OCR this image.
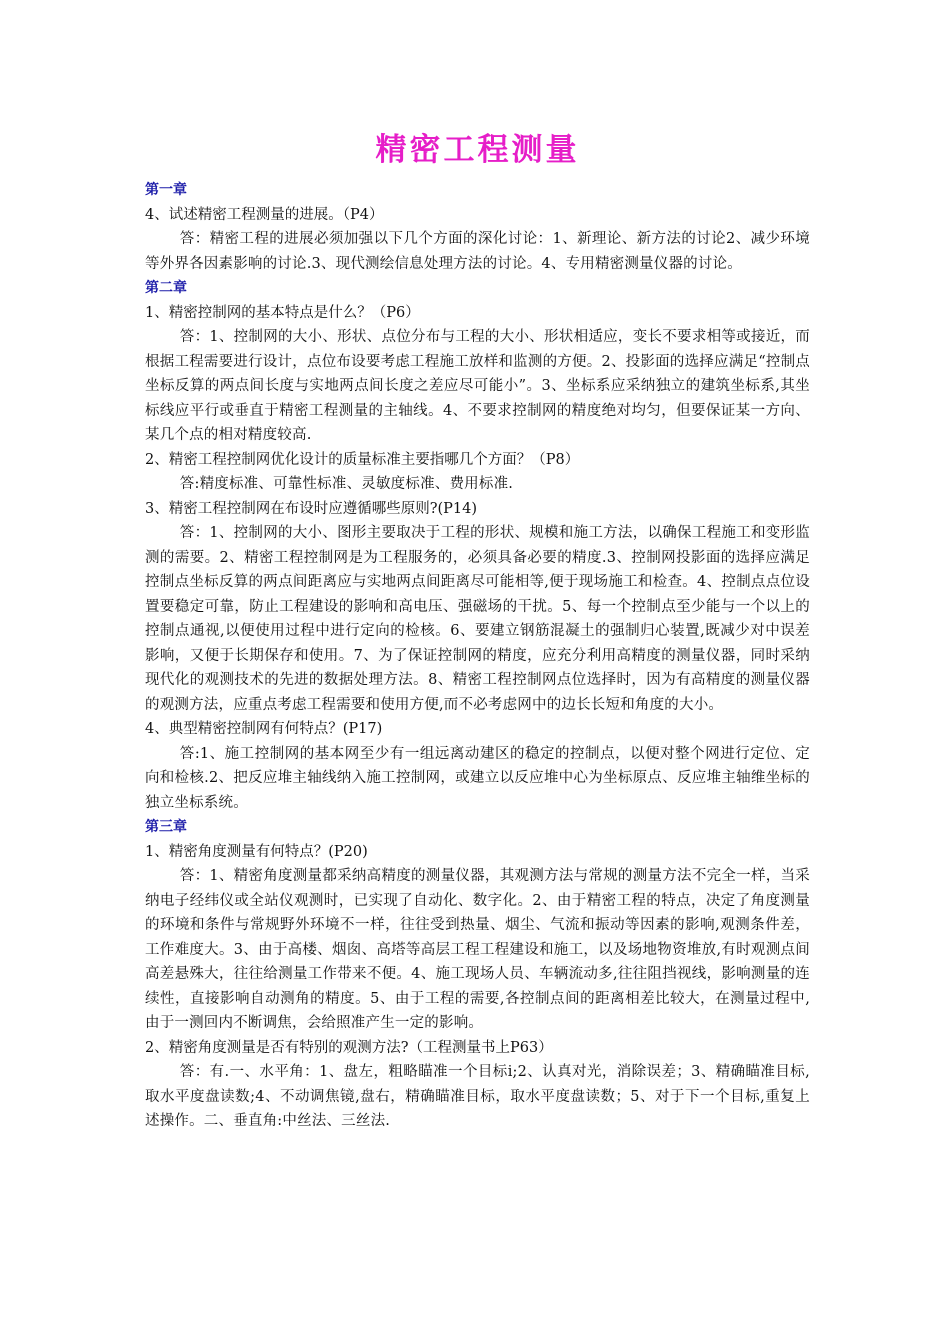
精密工程测量

第一章

4、试述精密工程测量的进展。（P4）

答：精密工程的进展必须加强以下几个方面的深化讨论：1、新理论、新方法的讨论2、减少环境等外界各因素影响的讨论.3、现代测绘信息处理方法的讨论。4、专用精密测量仪器的讨论。

第二章

1、精密控制网的基本特点是什么？（P6）

答：1、控制网的大小、形状、点位分布与工程的大小、形状相适应，变长不要求相等或接近，而根据工程需要进行设计，点位布设要考虑工程施工放样和监测的方便。2、投影面的选择应满足“控制点坐标反算的两点间长度与实地两点间长度之差应尽可能小”。3、坐标系应采纳独立的建筑坐标系,其坐标线应平行或垂直于精密工程测量的主轴线。4、不要求控制网的精度绝对均匀，但要保证某一方向、某几个点的相对精度较高.

2、精密工程控制网优化设计的质量标准主要指哪几个方面？（P8）

答:精度标准、可靠性标准、灵敏度标准、费用标准.

3、精密工程控制网在布设时应遵循哪些原则?(P14)

答：1、控制网的大小、图形主要取决于工程的形状、规模和施工方法，以确保工程施工和变形监测的需要。2、精密工程控制网是为工程服务的，必须具备必要的精度.3、控制网投影面的选择应满足控制点坐标反算的两点间距离应与实地两点间距离尽可能相等,便于现场施工和检查。4、控制点点位设置要稳定可靠，防止工程建设的影响和高电压、强磁场的干扰。5、每一个控制点至少能与一个以上的控制点通视,以便使用过程中进行定向的检核。6、要建立钢筋混凝土的强制归心装置,既减少对中误差影响，又便于长期保存和使用。7、为了保证控制网的精度，应充分利用高精度的测量仪器，同时采纳现代化的观测技术的先进的数据处理方法。8、精密工程控制网点位选择时，因为有高精度的测量仪器的观测方法，应重点考虑工程需要和使用方便,而不必考虑网中的边长长短和角度的大小。

4、典型精密控制网有何特点？(P17)

答:1、施工控制网的基本网至少有一组远离动建区的稳定的控制点，以便对整个网进行定位、定向和检核.2、把反应堆主轴线纳入施工控制网，或建立以反应堆中心为坐标原点、反应堆主轴维坐标的独立坐标系统。

第三章

1、精密角度测量有何特点？(P20)

答：1、精密角度测量都采纳高精度的测量仪器，其观测方法与常规的测量方法不完全一样，当采纳电子经纬仪或全站仪观测时，已实现了自动化、数字化。2、由于精密工程的特点，决定了角度测量的环境和条件与常规野外环境不一样，往往受到热量、烟尘、气流和振动等因素的影响,观测条件差，工作难度大。3、由于高楼、烟囱、高塔等高层工程工程建设和施工，以及场地物资堆放,有时观测点间高差悬殊大，往往给测量工作带来不便。4、施工现场人员、车辆流动多,往往阻挡视线，影响测量的连续性，直接影响自动测角的精度。5、由于工程的需要,各控制点间的距离相差比较大，在测量过程中,由于一测回内不断调焦，会给照准产生一定的影响。

2、精密角度测量是否有特别的观测方法?（工程测量书上P63）

答：有.一、水平角：1、盘左，粗略瞄准一个目标i;2、认真对光，消除误差；3、精确瞄准目标,取水平度盘读数;4、不动调焦镜,盘右，精确瞄准目标，取水平度盘读数；5、对于下一个目标,重复上述操作。二、垂直角:中丝法、三丝法.
